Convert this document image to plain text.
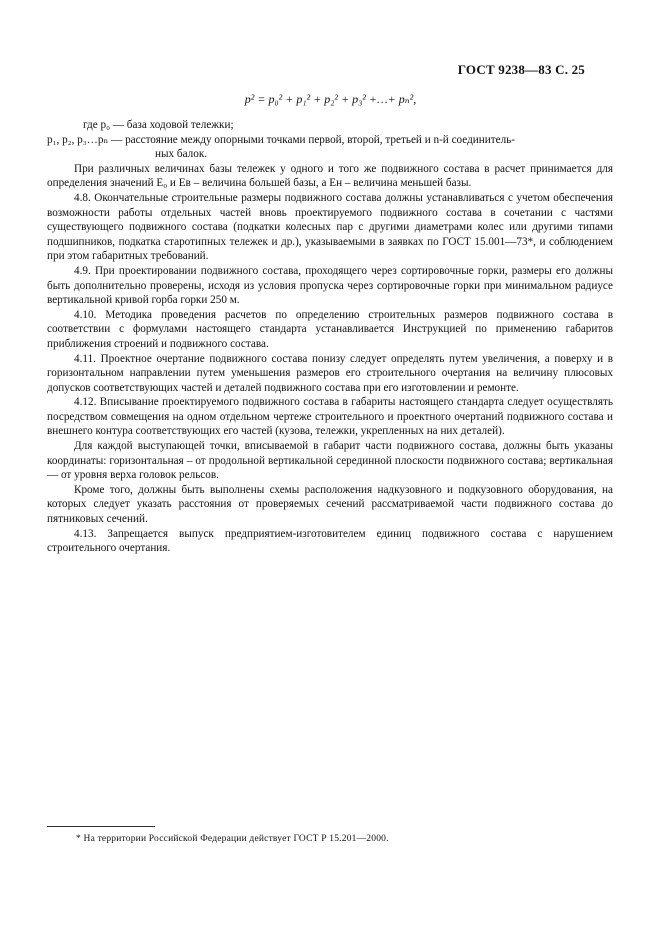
ГОСТ 9238—83 С. 25
p² = p₀² + p₁² + p₂² + p₃² +…+ pₙ²,

где p₀ — база ходовой тележки;

p₁, p₂, p₃…pₙ — расстояние между опорными точками первой, второй, третьей и n-й соединитель-

ных балок.

При различных величинах базы тележек у одного и того же подвижного состава в расчет принимается для определения значений E₀ и Eв – величина большей базы, а Eн – величина меньшей базы.

4.8. Окончательные строительные размеры подвижного состава должны устанавливаться с учетом обеспечения возможности работы отдельных частей вновь проектируемого подвижного состава в сочетании с частями существующего подвижного состава (подкатки колесных пар с другими диаметрами колес или другими типами подшипников, подкатка старотипных тележек и др.), указываемыми в заявках по ГОСТ 15.001—73*, и соблюдением при этом габаритных требований.

4.9. При проектировании подвижного состава, проходящего через сортировочные горки, размеры его должны быть дополнительно проверены, исходя из условия пропуска через сортировочные горки при минимальном радиусе вертикальной кривой горба горки 250 м.

4.10. Методика проведения расчетов по определению строительных размеров подвижного состава в соответствии с формулами настоящего стандарта устанавливается Инструкцией по применению габаритов приближения строений и подвижного состава.

4.11. Проектное очертание подвижного состава понизу следует определять путем увеличения, а поверху и в горизонтальном направлении путем уменьшения размеров его строительного очертания на величину плюсовых допусков соответствующих частей и деталей подвижного состава при его изготовлении и ремонте.

4.12. Вписывание проектируемого подвижного состава в габариты настоящего стандарта следует осуществлять посредством совмещения на одном отдельном чертеже строительного и проектного очертаний подвижного состава и внешнего контура соответствующих его частей (кузова, тележки, укрепленных на них деталей).

Для каждой выступающей точки, вписываемой в габарит части подвижного состава, должны быть указаны координаты: горизонтальная – от продольной вертикальной серединной плоскости подвижного состава; вертикальная — от уровня верха головок рельсов.

Кроме того, должны быть выполнены схемы расположения надкузовного и подкузовного оборудования, на которых следует указать расстояния от проверяемых сечений рассматриваемой части подвижного состава до пятниковых сечений.

4.13. Запрещается выпуск предприятием-изготовителем единиц подвижного состава с нарушением строительного очертания.

* На территории Российской Федерации действует ГОСТ Р 15.201—2000.
